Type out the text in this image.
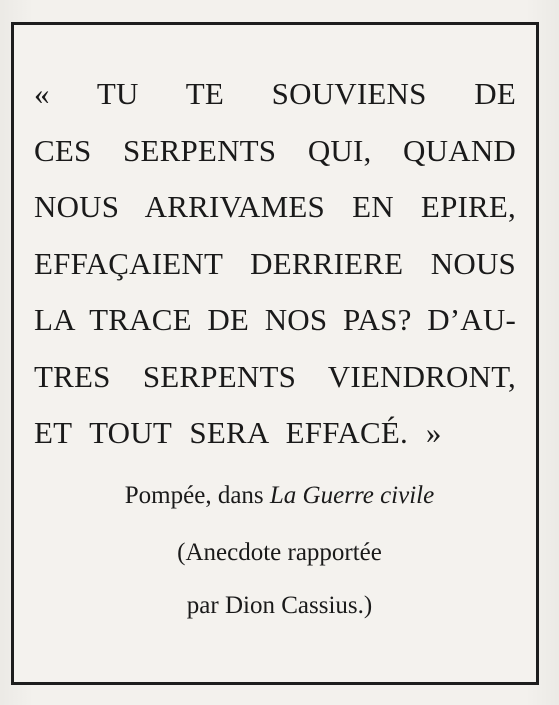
« TU TE SOUVIENS DE
CES SERPENTS QUI, QUAND
NOUS ARRIVAMES EN EPIRE,
EFFAÇAIENT DERRIERE NOUS
LA TRACE DE NOS PAS? D’AU-
TRES SERPENTS VIENDRONT,
ET TOUT SERA EFFACÉ. »
Pompée, dans La Guerre civile
(Anecdote rapportée
par Dion Cassius.)
